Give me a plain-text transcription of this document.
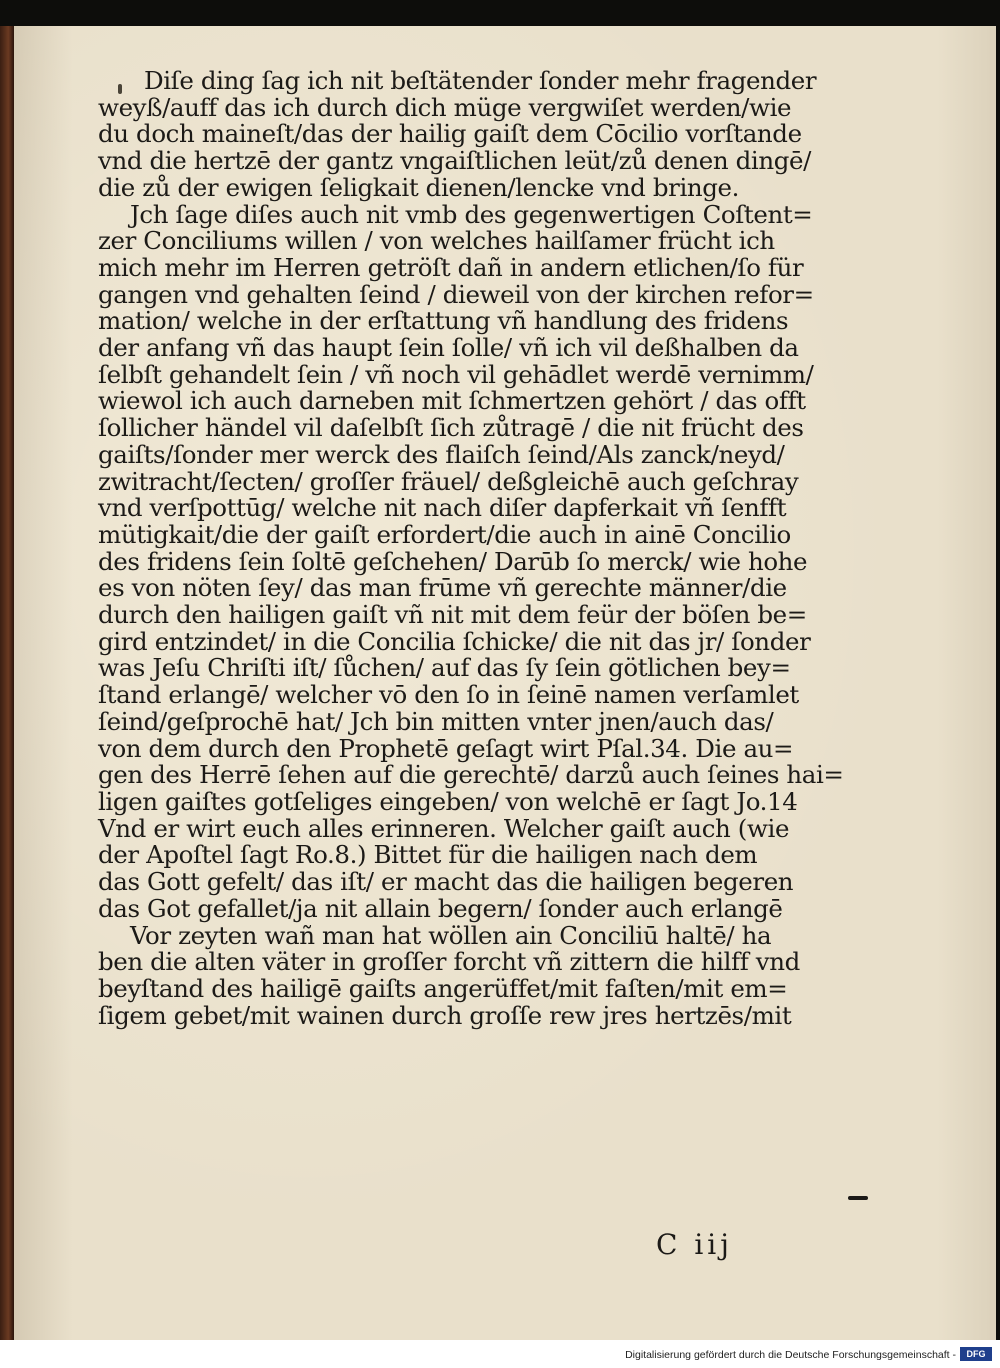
Diſe ding ſag ich nit beſtätender ſonder mehr fragender
weyß/auff das ich durch dich müge vergwiſet werden/wie
du doch maineſt/das der hailig gaiſt dem Cōcilio vorſtande
vnd die hertzē der gantz vngaiſtlichen leüt/zů denen dingē/
die zů der ewigen ſeligkait dienen/lencke vnd bringe.
Jch ſage diſes auch nit vmb des gegenwertigen Coſtent=
zer Conciliums willen / von welches hailſamer frücht ich
mich mehr im Herren getröſt dañ in andern etlichen/ſo für
gangen vnd gehalten ſeind / dieweil von der kirchen refor=
mation/ welche in der erſtattung vñ handlung des fridens
der anfang vñ das haupt ſein ſolle/ vñ ich vil deßhalben da
ſelbſt gehandelt ſein / vñ noch vil gehādlet werdē vernimm/
wiewol ich auch darneben mit ſchmertzen gehört / das offt
ſollicher händel vil daſelbſt ſich zůtragē / die nit frücht des
gaiſts/ſonder mer werck des flaiſch ſeind/Als zanck/neyd/
zwitracht/ſecten/ groſſer fräuel/ deßgleichē auch geſchray
vnd verſpottūg/ welche nit nach diſer dapferkait vñ ſenfft
mütigkait/die der gaiſt erfordert/die auch in ainē Concilio
des fridens ſein ſoltē geſchehen/ Darūb ſo merck/ wie hohe
es von nöten ſey/ das man frūme vñ gerechte männer/die
durch den hailigen gaiſt vñ nit mit dem feür der böſen be=
gird entzindet/ in die Concilia ſchicke/ die nit das jr/ ſonder
was Jeſu Chriſti iſt/ ſůchen/ auf das ſy ſein götlichen bey=
ſtand erlangē/ welcher vō den ſo in ſeinē namen verſamlet
ſeind/geſprochē hat/ Jch bin mitten vnter jnen/auch das/
von dem durch den Prophetē geſagt wirt Pſal.34. Die au=
gen des Herrē ſehen auf die gerechtē/ darzů auch ſeines hai=
ligen gaiſtes gotſeliges eingeben/ von welchē er ſagt Jo.14
Vnd er wirt euch alles erinneren. Welcher gaiſt auch (wie
der Apoſtel ſagt Ro.8.) Bittet für die hailigen nach dem
das Gott gefelt/ das iſt/ er macht das die hailigen begeren
das Got gefallet/ja nit allain begern/ ſonder auch erlangē
Vor zeyten wañ man hat wöllen ain Conciliū haltē/ ha
ben die alten väter in groſſer forcht vñ zittern die hilff vnd
beyſtand des hailigē gaiſts angerüffet/mit faſten/mit em=
ſigem gebet/mit wainen durch groſſe rew jres hertzēs/mit
C iij
Digitalisierung gefördert durch die Deutsche Forschungsgemeinschaft -	DFG
